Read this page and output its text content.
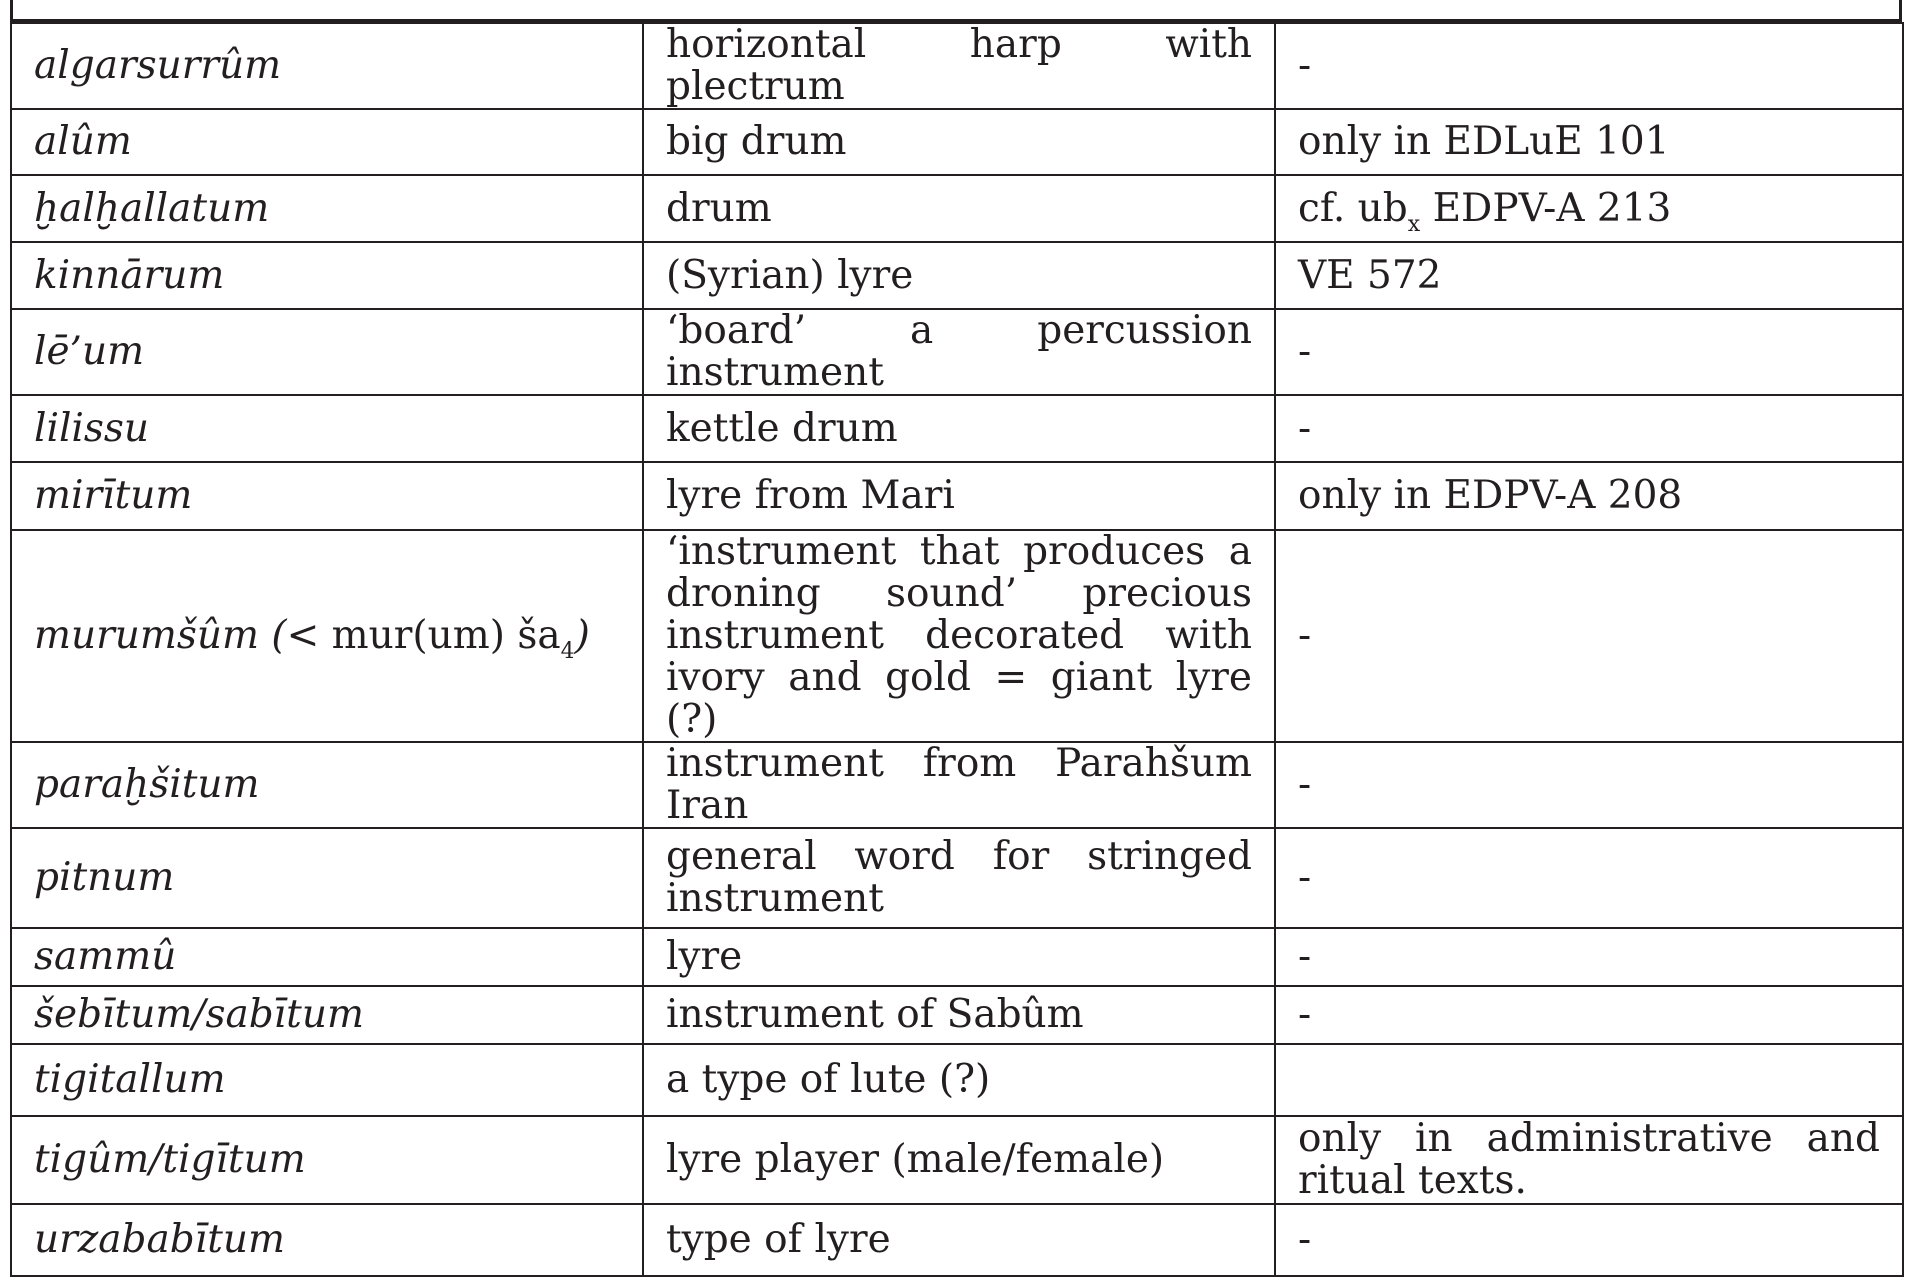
algarsurrûm	horizontal harp with plectrum	-
alûm	big drum	only in EDLuE 101
ḫalḫallatum	drum	cf. $ub_x$ EDPV-A 213
kinnārum	(Syrian) lyre	VE 572
lē’um	‘board’ a percussion instrument	-
lilissu	kettle drum	-
mirītum	lyre from Mari	only in EDPV-A 208
murumšûm (< mur(um) $ša_4$)	‘instrument that produces a droning sound’ precious instrument decorated with ivory and gold = giant lyre (?)	-
paraḫšitum	instrument from Parahšum Iran	-
pitnum	general word for stringed instrument	-
sammû	lyre	-
šebītum/sabītum	instrument of Sabûm	-
tigitallum	a type of lute (?)	
tigûm/tigītum	lyre player (male/female)	only in administrative and ritual texts.
urzababītum	type of lyre	-
